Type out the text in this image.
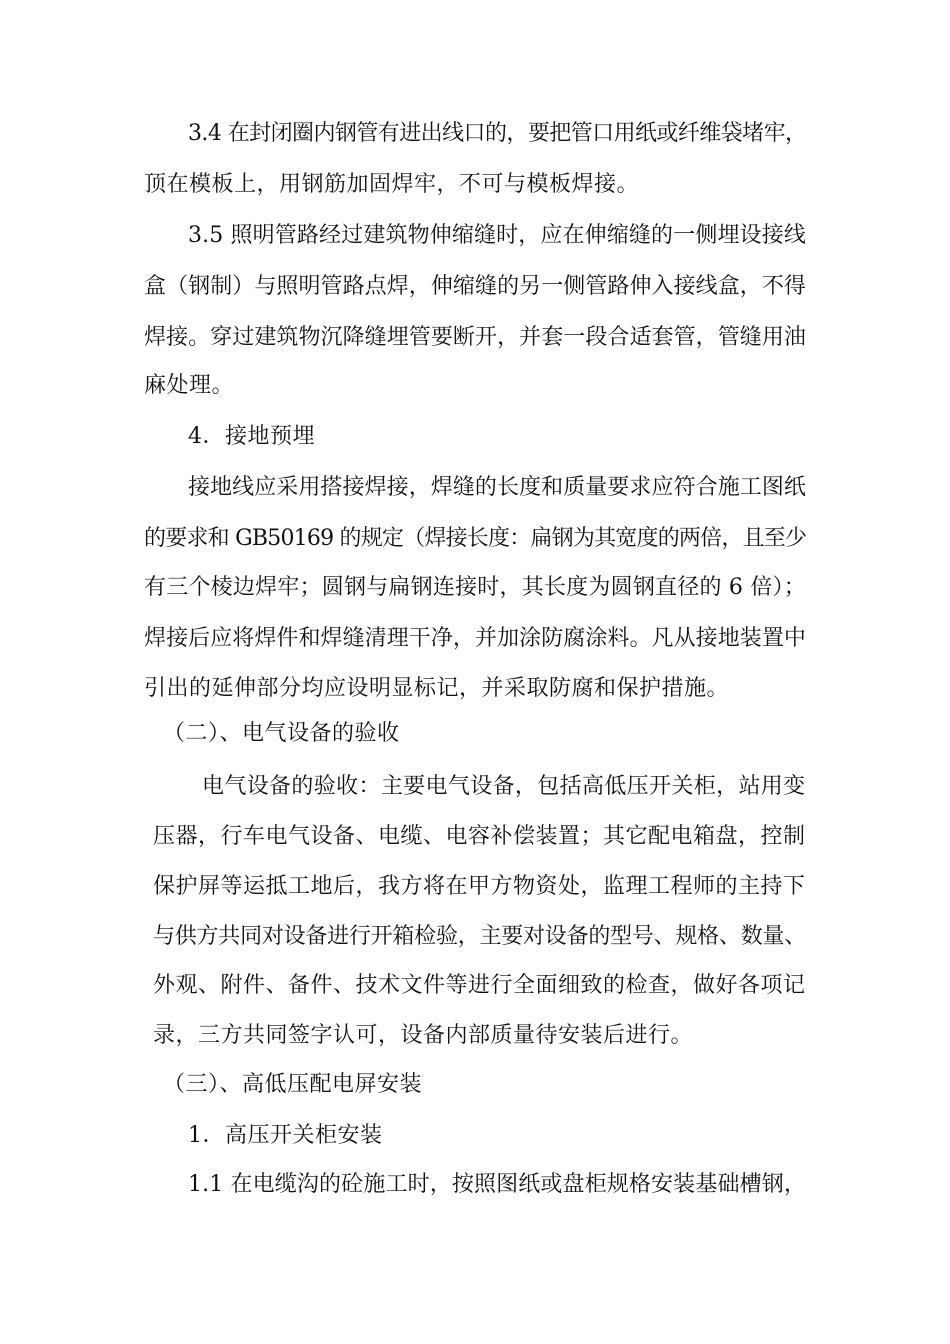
3.4 在封闭圈内钢管有进出线口的，要把管口用纸或纤维袋堵牢，
顶在模板上，用钢筋加固焊牢，不可与模板焊接。
3.5 照明管路经过建筑物伸缩缝时，应在伸缩缝的一侧埋设接线
盒（钢制）与照明管路点焊，伸缩缝的另一侧管路伸入接线盒，不得
焊接。穿过建筑物沉降缝埋管要断开，并套一段合适套管，管缝用油
麻处理。
4．接地预埋
接地线应采用搭接焊接，焊缝的长度和质量要求应符合施工图纸
的要求和 GB50169 的规定（焊接长度：扁钢为其宽度的两倍，且至少
有三个棱边焊牢；圆钢与扁钢连接时，其长度为圆钢直径的 6 倍）；
焊接后应将焊件和焊缝清理干净，并加涂防腐涂料。凡从接地装置中
引出的延伸部分均应设明显标记，并采取防腐和保护措施。
（二）、电气设备的验收
电气设备的验收：主要电气设备，包括高低压开关柜，站用变
压器，行车电气设备、电缆、电容补偿装置；其它配电箱盘，控制
保护屏等运抵工地后，我方将在甲方物资处，监理工程师的主持下
与供方共同对设备进行开箱检验，主要对设备的型号、规格、数量、
外观、附件、备件、技术文件等进行全面细致的检查，做好各项记
录，三方共同签字认可，设备内部质量待安装后进行。
（三）、高低压配电屏安装
1．高压开关柜安装
1.1 在电缆沟的砼施工时，按照图纸或盘柜规格安装基础槽钢，
